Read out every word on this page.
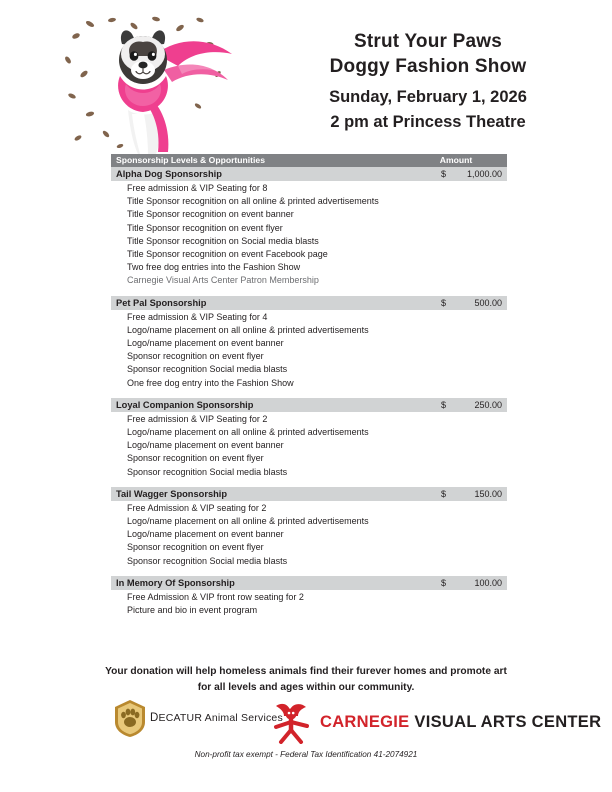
Strut Your Paws
Doggy Fashion Show
Sunday, February 1, 2026
2 pm at Princess Theatre
Sponsorship Levels & Opportunities	Amount
Alpha Dog Sponsorship	$	1,000.00
Free admission & VIP Seating for 8
Title Sponsor recognition on all online & printed advertisements
Title Sponsor recognition on event banner
Title Sponsor recognition on event flyer
Title Sponsor recognition on Social media blasts
Title Sponsor recognition on event Facebook page
Two free dog entries into the Fashion Show
Carnegie Visual Arts Center Patron Membership
Pet Pal Sponsorship	$	500.00
Free admission & VIP Seating for 4
Logo/name placement on all online & printed advertisements
Logo/name placement on event banner
Sponsor recognition on event flyer
Sponsor recognition Social media blasts
One free dog entry into the Fashion Show
Loyal Companion Sponsorship	$	250.00
Free admission & VIP Seating for 2
Logo/name placement on all online & printed advertisements
Logo/name placement on event banner
Sponsor recognition on event flyer
Sponsor recognition Social media blasts
Tail Wagger Sponsorship	$	150.00
Free Admission & VIP seating for 2
Logo/name placement on all online & printed advertisements
Logo/name placement on event banner
Sponsor recognition on event flyer
Sponsor recognition Social media blasts
In Memory Of Sponsorship	$	100.00
Free Admission & VIP front row seating for 2
Picture and bio in event program
Your donation will help homeless animals find their furever homes and promote art
for all levels and ages within our community.
DECATUR Animal Services CARNEGIE VISUAL ARTS CENTER
Non-profit tax exempt - Federal Tax Identification 41-2074921
